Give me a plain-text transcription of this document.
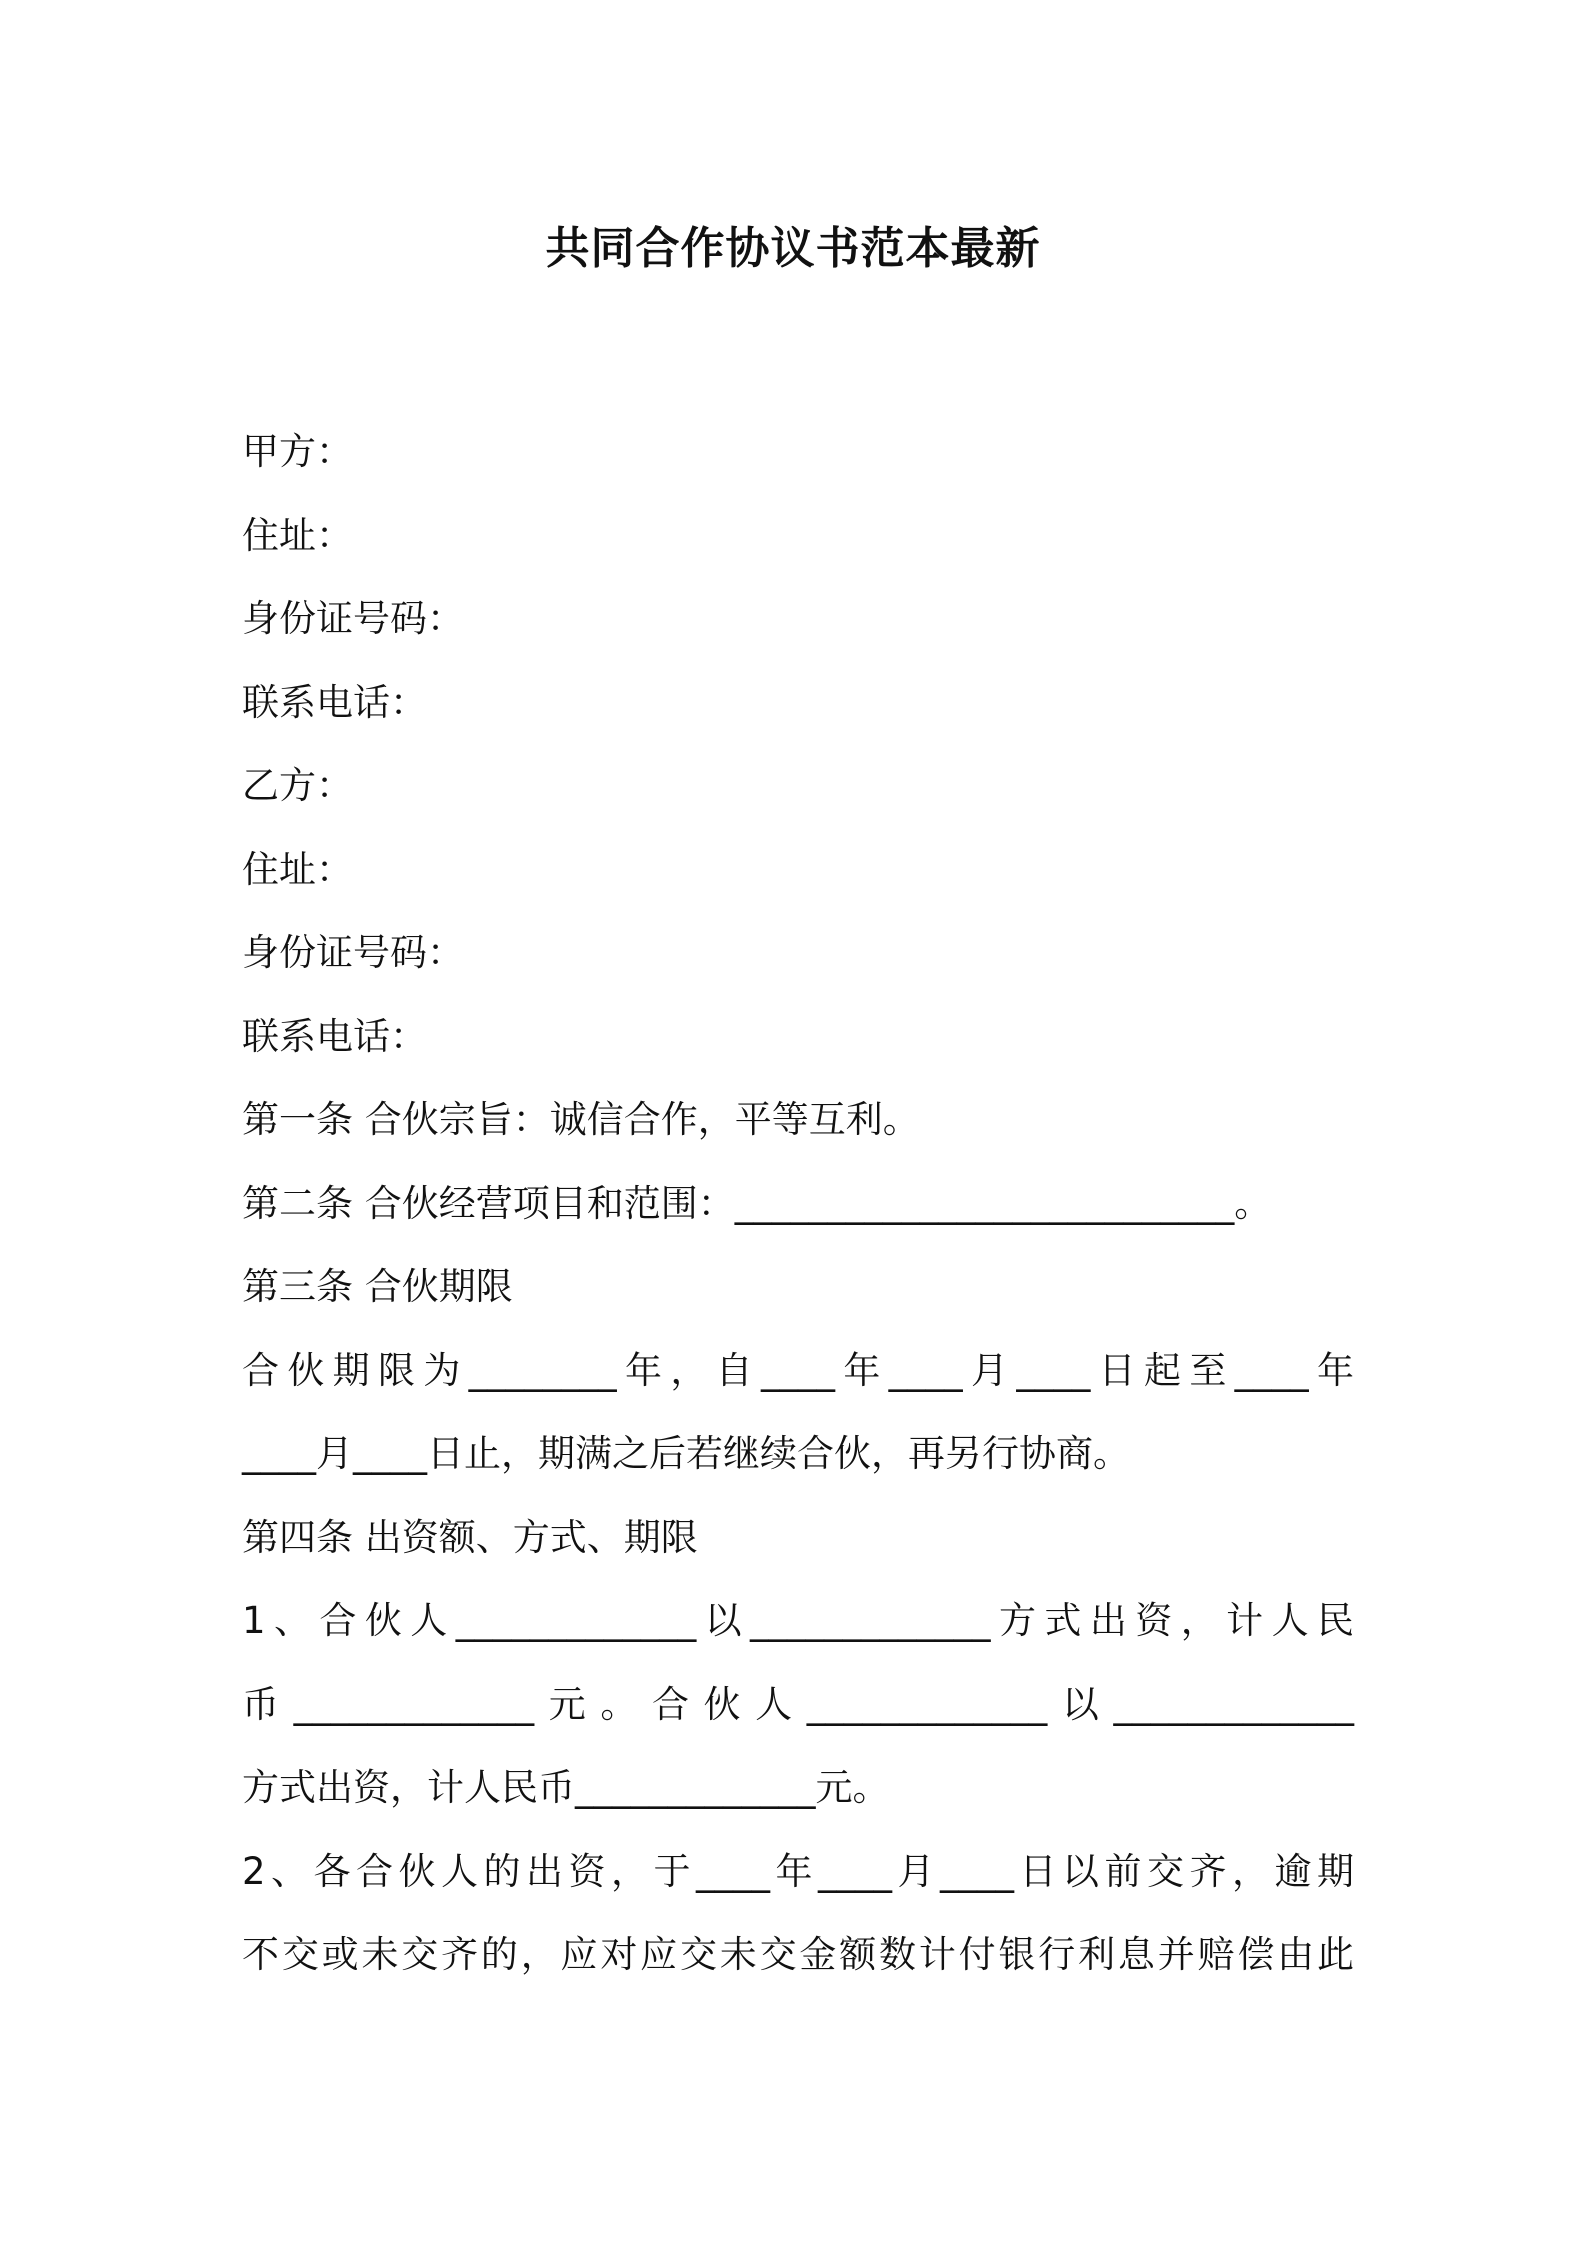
共同合作协议书范本最新

甲方：

住址：

身份证号码：

联系电话：

乙方：

住址：

身份证号码：

联系电话：

第一条 合伙宗旨：诚信合作，平等互利。

第二条 合伙经营项目和范围：___________________________。

第三条 合伙期限

合伙期限为________年，自____年____月____日起至____年

____月____日止，期满之后若继续合伙，再另行协商。

第四条 出资额、方式、期限

1、合伙人_____________以_____________方式出资，计人民

币_____________元。合伙人_____________以_____________

方式出资，计人民币_____________元。

2、各合伙人的出资，于____年____月____日以前交齐，逾期

不交或未交齐的，应对应交未交金额数计付银行利息并赔偿由此
